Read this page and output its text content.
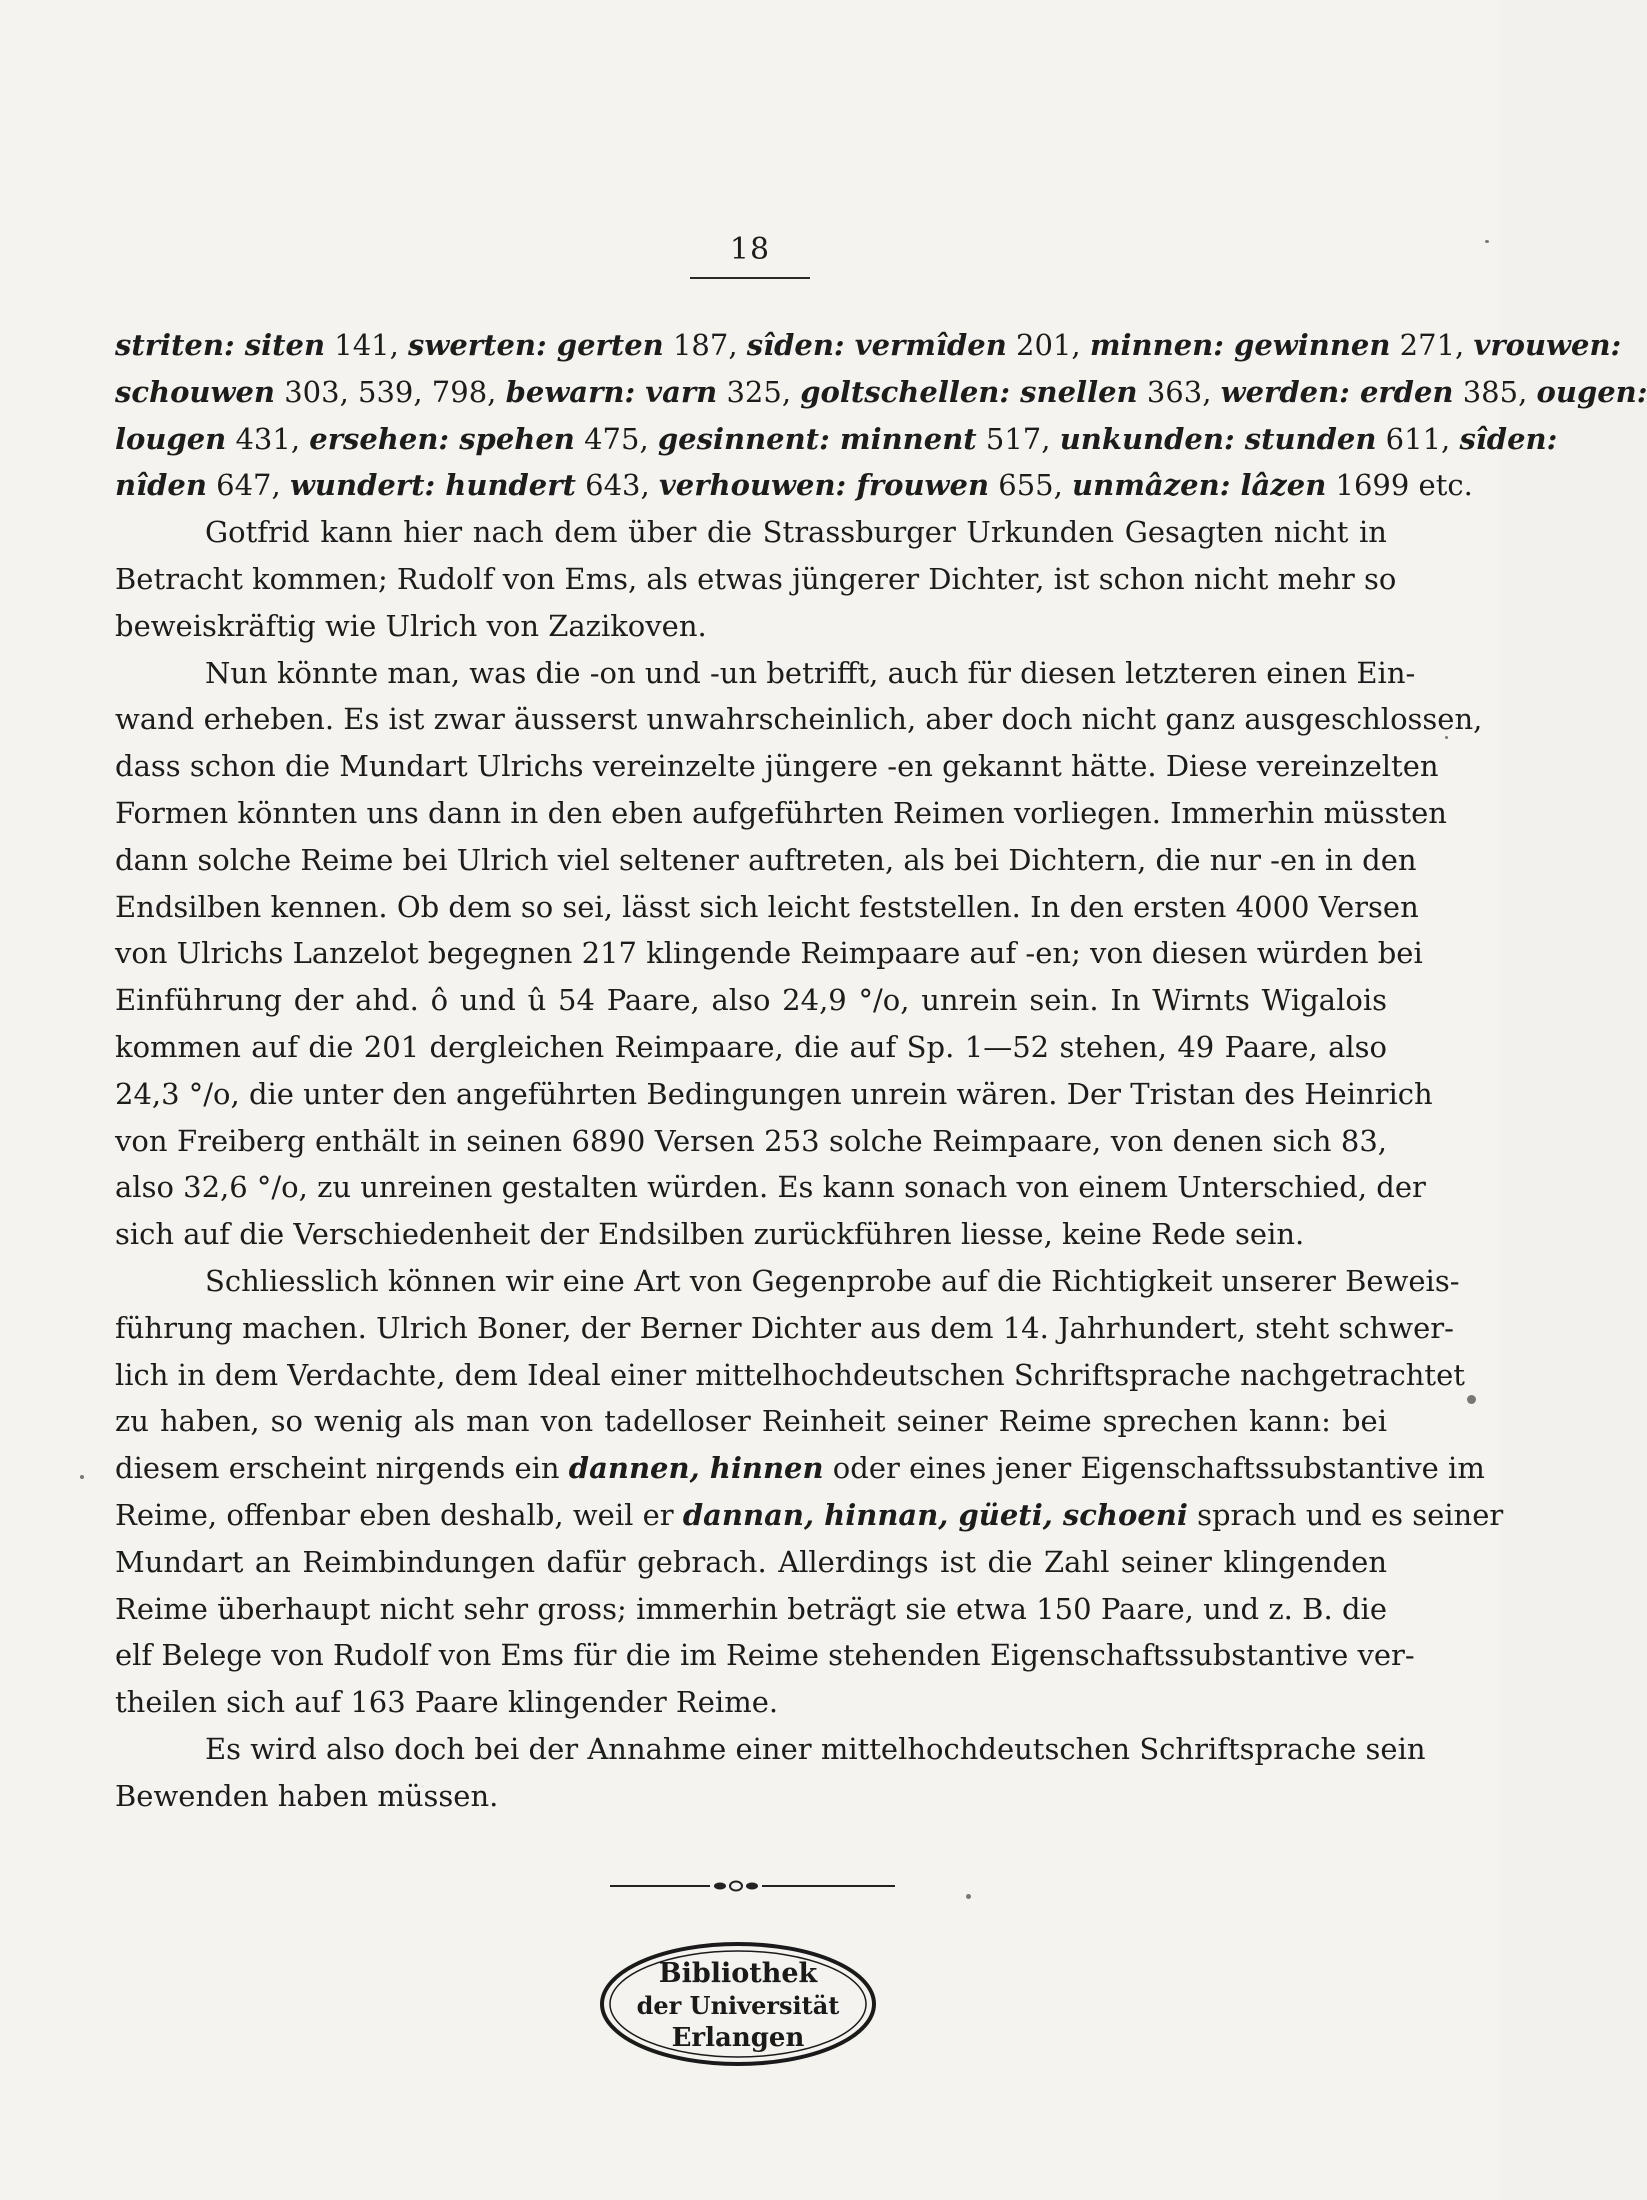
18
striten: siten 141, swerten: gerten 187, sîden: vermîden 201, minnen: gewinnen 271, vrouwen:
schouwen 303, 539, 798, bewarn: varn 325, goltschellen: snellen 363, werden: erden 385, ougen:
lougen 431, ersehen: spehen 475, gesinnent: minnent 517, unkunden: stunden 611, sîden:
nîden 647, wundert: hundert 643, verhouwen: frouwen 655, unmâzen: lâzen 1699 etc.
Gotfrid kann hier nach dem über die Strassburger Urkunden Gesagten nicht in
Betracht kommen; Rudolf von Ems, als etwas jüngerer Dichter, ist schon nicht mehr so
beweiskräftig wie Ulrich von Zazikoven.
Nun könnte man, was die -on und -un betrifft, auch für diesen letzteren einen Ein-
wand erheben. Es ist zwar äusserst unwahrscheinlich, aber doch nicht ganz ausgeschlossen,
dass schon die Mundart Ulrichs vereinzelte jüngere -en gekannt hätte. Diese vereinzelten
Formen könnten uns dann in den eben aufgeführten Reimen vorliegen. Immerhin müssten
dann solche Reime bei Ulrich viel seltener auftreten, als bei Dichtern, die nur -en in den
Endsilben kennen. Ob dem so sei, lässt sich leicht feststellen. In den ersten 4000 Versen
von Ulrichs Lanzelot begegnen 217 klingende Reimpaare auf -en; von diesen würden bei
Einführung der ahd. ô und û 54 Paare, also 24,9 °/o, unrein sein. In Wirnts Wigalois
kommen auf die 201 dergleichen Reimpaare, die auf Sp. 1—52 stehen, 49 Paare, also
24,3 °/o, die unter den angeführten Bedingungen unrein wären. Der Tristan des Heinrich
von Freiberg enthält in seinen 6890 Versen 253 solche Reimpaare, von denen sich 83,
also 32,6 °/o, zu unreinen gestalten würden. Es kann sonach von einem Unterschied, der
sich auf die Verschiedenheit der Endsilben zurückführen liesse, keine Rede sein.
Schliesslich können wir eine Art von Gegenprobe auf die Richtigkeit unserer Beweis-
führung machen. Ulrich Boner, der Berner Dichter aus dem 14. Jahrhundert, steht schwer-
lich in dem Verdachte, dem Ideal einer mittelhochdeutschen Schriftsprache nachgetrachtet
zu haben, so wenig als man von tadelloser Reinheit seiner Reime sprechen kann: bei
diesem erscheint nirgends ein dannen, hinnen oder eines jener Eigenschaftssubstantive im
Reime, offenbar eben deshalb, weil er dannan, hinnan, güeti, schoeni sprach und es seiner
Mundart an Reimbindungen dafür gebrach. Allerdings ist die Zahl seiner klingenden
Reime überhaupt nicht sehr gross; immerhin beträgt sie etwa 150 Paare, und z. B. die
elf Belege von Rudolf von Ems für die im Reime stehenden Eigenschaftssubstantive ver-
theilen sich auf 163 Paare klingender Reime.
Es wird also doch bei der Annahme einer mittelhochdeutschen Schriftsprache sein
Bewenden haben müssen.
Bibliothek
der Universität
Erlangen
